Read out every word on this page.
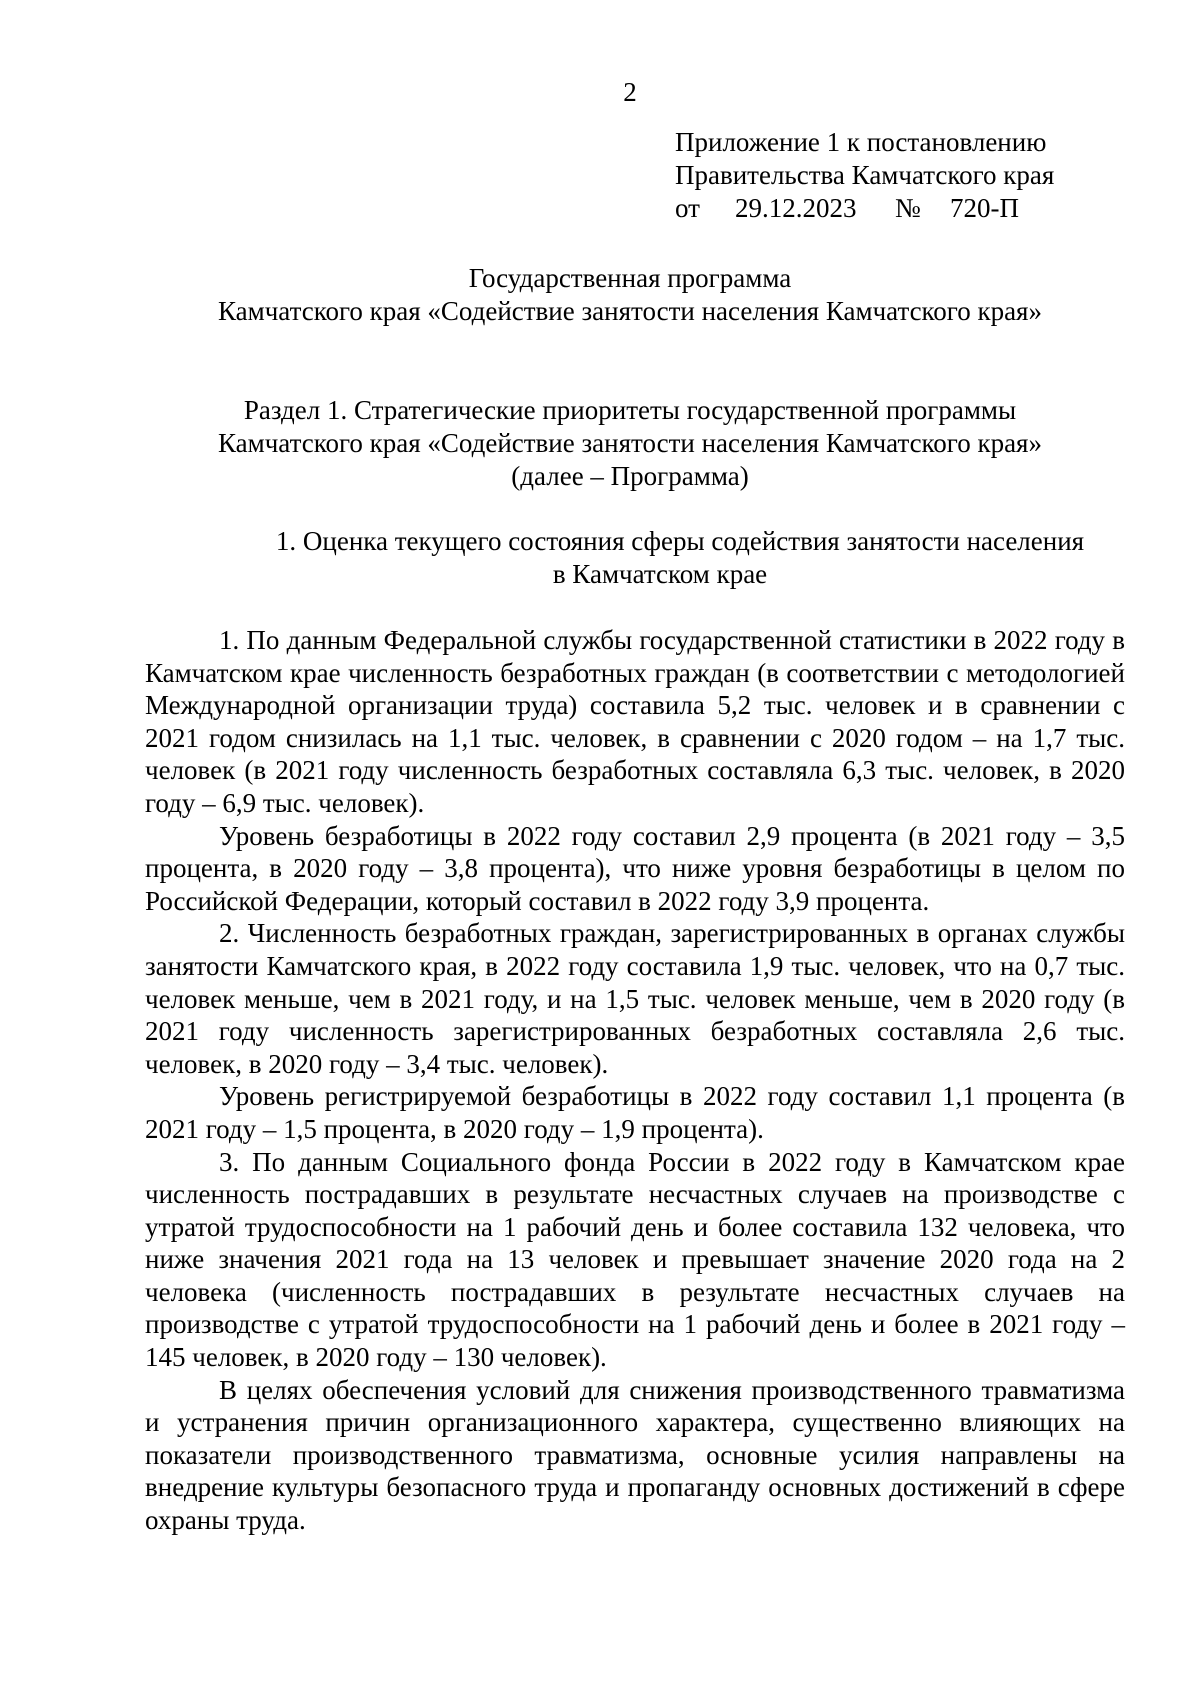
2
Приложение 1 к постановлению
Правительства Камчатского края
от 29.12.2023 № 720-П
Государственная программа
Камчатского края «Содействие занятости населения Камчатского края»
Раздел 1. Стратегические приоритеты государственной программы
Камчатского края «Содействие занятости населения Камчатского края»
(далее – Программа)
1. Оценка текущего состояния сферы содействия занятости населения
в Камчатском крае

1. По данным Федеральной службы государственной статистики в 2022 году в Камчатском крае численность безработных граждан (в соответствии с методологией Международной организации труда) составила 5,2 тыс. человек и в сравнении с 2021 годом снизилась на 1,1 тыс. человек, в сравнении с 2020 годом – на 1,7 тыс. человек (в 2021 году численность безработных составляла 6,3 тыс. человек, в 2020 году – 6,9 тыс. человек).

Уровень безработицы в 2022 году составил 2,9 процента (в 2021 году – 3,5 процента, в 2020 году – 3,8 процента), что ниже уровня безработицы в целом по Российской Федерации, который составил в 2022 году 3,9 процента.

2. Численность безработных граждан, зарегистрированных в органах службы занятости Камчатского края, в 2022 году составила 1,9 тыс. человек, что на 0,7 тыс. человек меньше, чем в 2021 году, и на 1,5 тыс. человек меньше, чем в 2020 году (в 2021 году численность зарегистрированных безработных составляла 2,6 тыс. человек, в 2020 году – 3,4 тыс. человек).

Уровень регистрируемой безработицы в 2022 году составил 1,1 процента (в 2021 году – 1,5 процента, в 2020 году – 1,9 процента).

3. По данным Социального фонда России в 2022 году в Камчатском крае численность пострадавших в результате несчастных случаев на производстве с утратой трудоспособности на 1 рабочий день и более составила 132 человека, что ниже значения 2021 года на 13 человек и превышает значение 2020 года на 2 человека (численность пострадавших в результате несчастных случаев на производстве с утратой трудоспособности на 1 рабочий день и более в 2021 году – 145 человек, в 2020 году – 130 человек).

В целях обеспечения условий для снижения производственного травматизма и устранения причин организационного характера, существенно влияющих на показатели производственного травматизма, основные усилия направлены на внедрение культуры безопасного труда и пропаганду основных достижений в сфере охраны труда.
